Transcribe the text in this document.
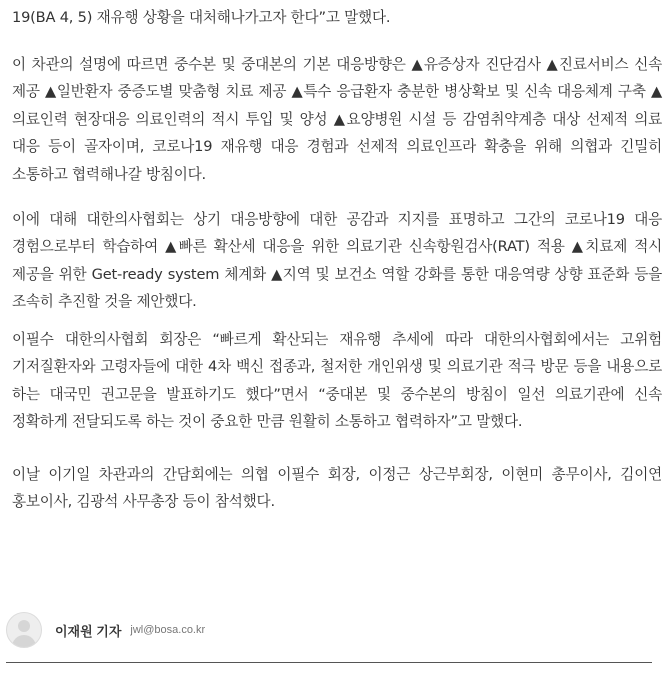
19(BA 4, 5) 재유행 상황을 대처해나가고자 한다”고 말했다.

이 차관의 설명에 따르면 중수본 및 중대본의 기본 대응방향은 ▲유증상자 진단검사 ▲진료서비스 신속 제공 ▲일반환자 중증도별 맞춤형 치료 제공 ▲특수 응급환자 충분한 병상확보 및 신속 대응체계 구축 ▲의료인력 현장대응 의료인력의 적시 투입 및 양성 ▲요양병원 시설 등 감염취약계층 대상 선제적 의료 대응 등이 골자이며, 코로나19 재유행 대응 경험과 선제적 의료인프라 확충을 위해 의협과 긴밀히 소통하고 협력해나갈 방침이다.

이에 대해 대한의사협회는 상기 대응방향에 대한 공감과 지지를 표명하고 그간의 코로나19 대응 경험으로부터 학습하여 ▲빠른 확산세 대응을 위한 의료기관 신속항원검사(RAT) 적용 ▲치료제 적시 제공을 위한 Get-ready system 체계화 ▲지역 및 보건소 역할 강화를 통한 대응역량 상향 표준화 등을 조속히 추진할 것을 제안했다.

이필수 대한의사협회 회장은 “빠르게 확산되는 재유행 추세에 따라 대한의사협회에서는 고위험 기저질환자와 고령자들에 대한 4차 백신 접종과, 철저한 개인위생 및 의료기관 적극 방문 등을 내용으로 하는 대국민 권고문을 발표하기도 했다”면서 “중대본 및 중수본의 방침이 일선 의료기관에 신속 정확하게 전달되도록 하는 것이 중요한 만큼 원활히 소통하고 협력하자”고 말했다.

이날 이기일 차관과의 간담회에는 의협 이필수 회장, 이정근 상근부회장, 이현미 총무이사, 김이연 홍보이사, 김광석 사무총장 등이 참석했다.

이재원 기자 jwl@bosa.co.kr
